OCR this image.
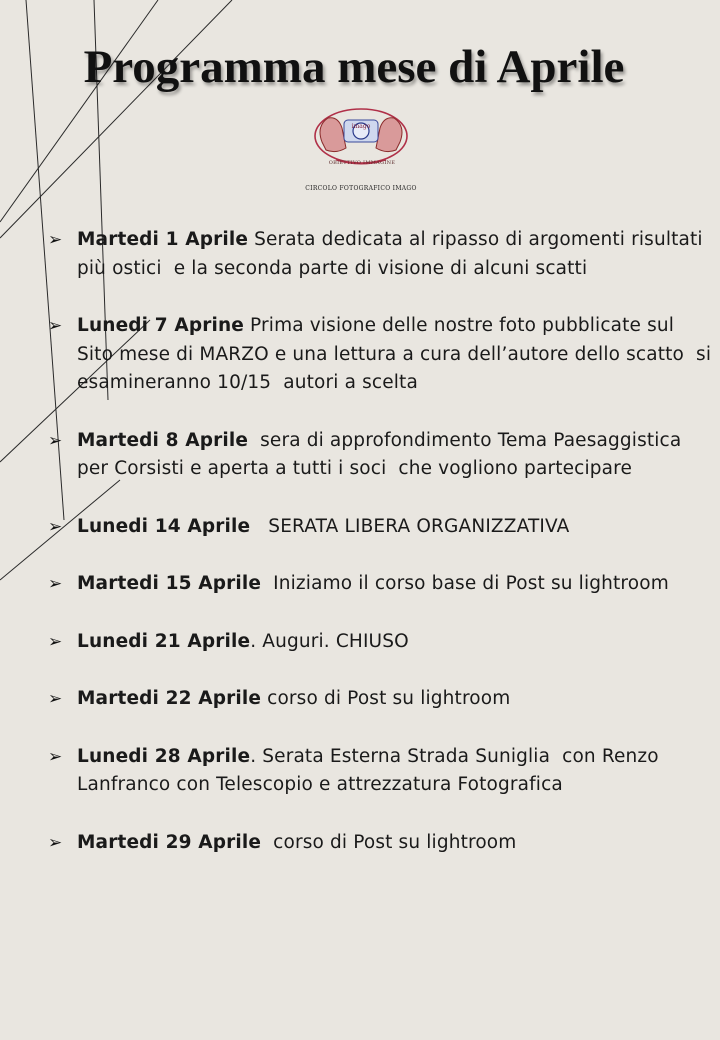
Programma mese di Aprile
imago
OBIETTIVO IMMAGINE
CIRCOLO FOTOGRAFICO IMAGO
➢ Martedi 1 Aprile Serata dedicata al ripasso di argomenti risultati più ostici  e la seconda parte di visione di alcuni scatti
➢ Lunedi 7 Aprine Prima visione delle nostre foto pubblicate sul Sito mese di MARZO e una lettura a cura dell’autore dello scatto  si esamineranno 10/15  autori a scelta
➢ Martedi 8 Aprile  sera di approfondimento Tema Paesaggistica per Corsisti e aperta a tutti i soci  che vogliono partecipare
➢ Lunedi 14 Aprile   SERATA LIBERA ORGANIZZATIVA
➢ Martedi 15 Aprile  Iniziamo il corso base di Post su lightroom
➢ Lunedi 21 Aprile. Auguri. CHIUSO
➢ Martedi 22 Aprile corso di Post su lightroom
➢ Lunedi 28 Aprile. Serata Esterna Strada Suniglia  con Renzo Lanfranco con Telescopio e attrezzatura Fotografica
➢ Martedi 29 Aprile  corso di Post su lightroom
